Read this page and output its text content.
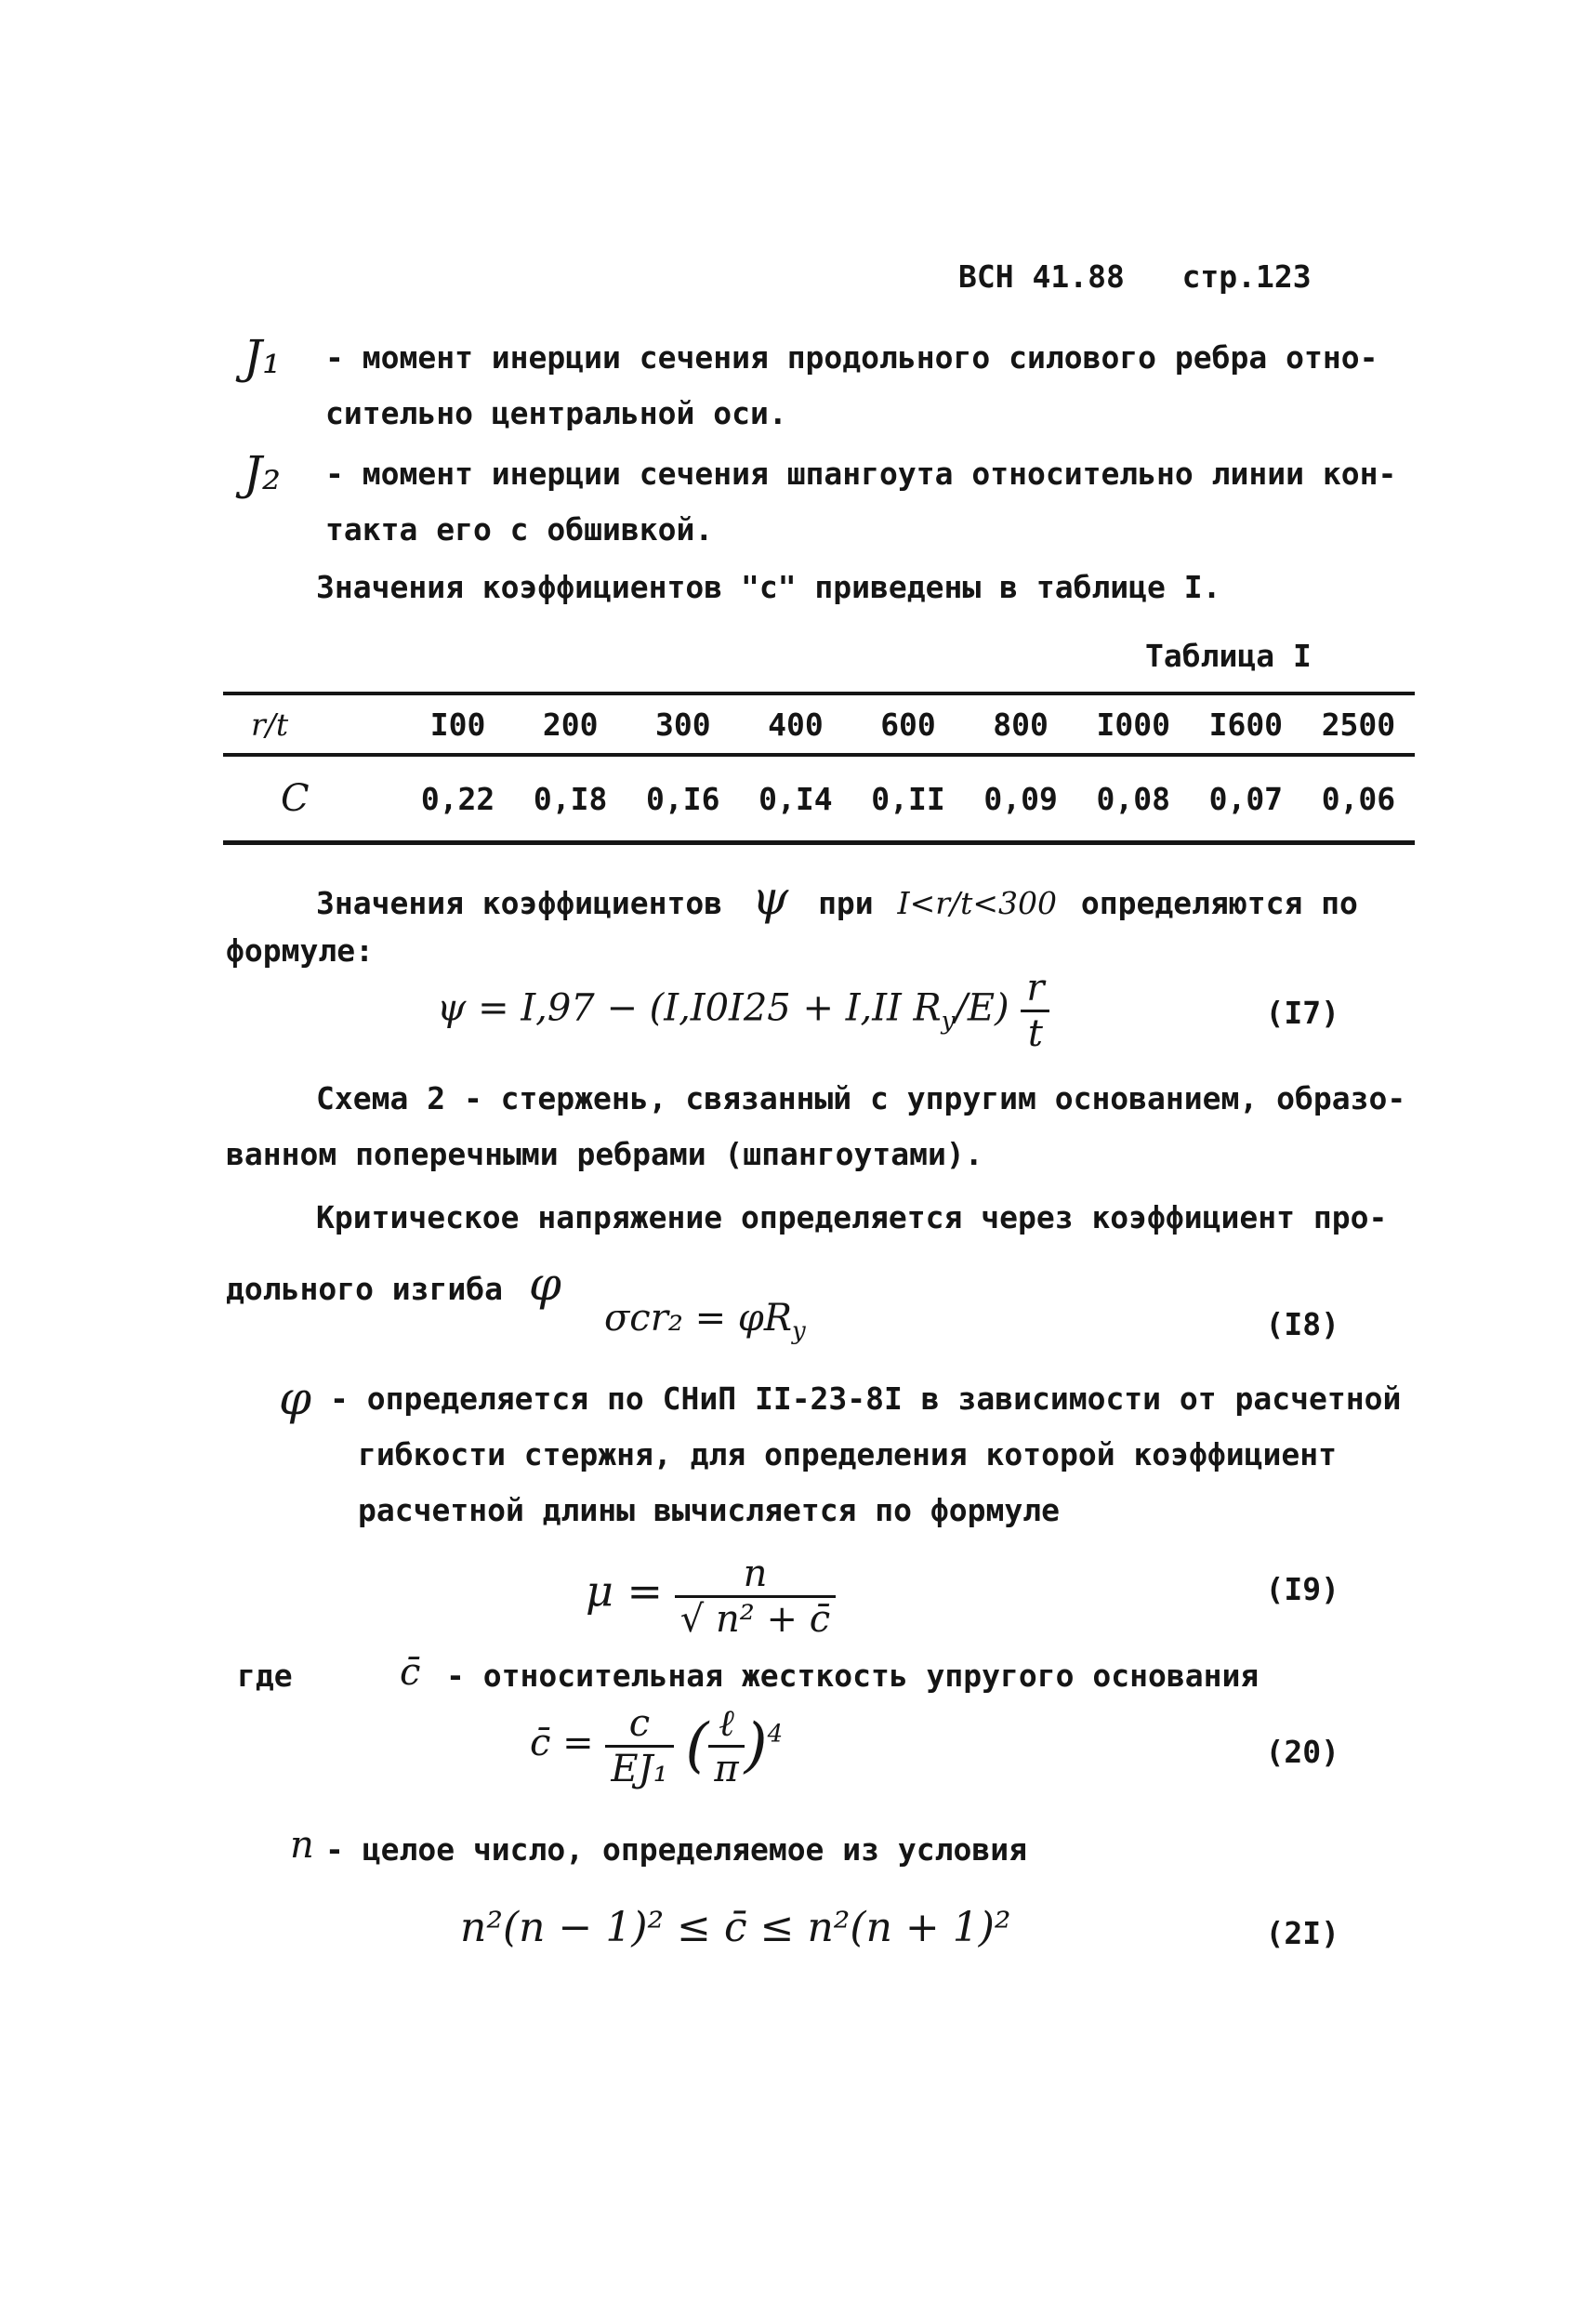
ВСН 41.88 стр.123
J₁ - момент инерции сечения продольного силового ребра отно-
сительно центральной оси.
J₂ - момент инерции сечения шпангоута относительно линии кон-
такта его с обшивкой.
Значения коэффициентов "с" приведены в таблице I.
Таблица I
r/t	I00	200	300	400	600	800	I000	I600	2500
C	0,22	0,I8	0,I6	0,I4	0,II	0,09	0,08	0,07	0,06
Значения коэффициентов ψ при I<r/t<300 определяются по
формуле:
ψ = I,97 − (I,I0I25 + I,II $R_y/E) \frac{r}{t}$	(I7)
Схема 2 - стержень, связанный с упругим основанием, образо-
ванном поперечными ребрами (шпангоутами).
Критическое напряжение определяется через коэффициент про-
дольного изгиба φ
$\sigma cr_2 = \varphi R_y$	(I8)
φ - определяется по СНиП II-23-8I в зависимости от расчетной
гибкости стержня, для определения которой коэффициент
расчетной длины вычисляется по формуле
$\mu = \frac{n}{\text{√ n² + c̄}}$	(I9)
где	c̄ - относительная жесткость упругого основания
c̄ = $\frac{c}{\text{EJ₁}}$ ( $\frac{\text{ℓ}}{\pi} )^4$	(20)
n - целое число, определяемое из условия
n²(n − 1)² ≤ c̄ ≤ n²(n + 1)²	(2I)
